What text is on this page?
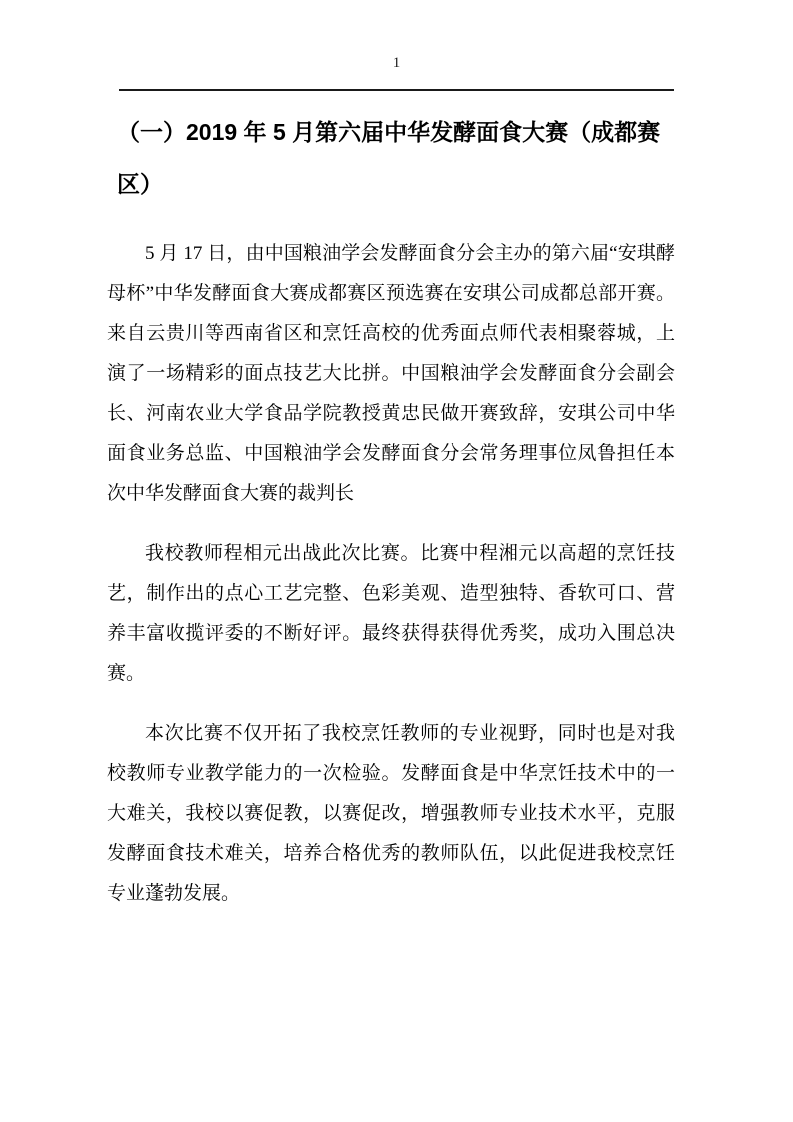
1
（一）2019 年 5 月第六届中华发酵面食大赛（成都赛区）

5 月 17 日，由中国粮油学会发酵面食分会主办的第六届“安琪酵母杯”中华发酵面食大赛成都赛区预选赛在安琪公司成都总部开赛。来自云贵川等西南省区和烹饪高校的优秀面点师代表相聚蓉城，上演了一场精彩的面点技艺大比拼。中国粮油学会发酵面食分会副会长、河南农业大学食品学院教授黄忠民做开赛致辞，安琪公司中华面食业务总监、中国粮油学会发酵面食分会常务理事位凤鲁担任本次中华发酵面食大赛的裁判长

我校教师程相元出战此次比赛。比赛中程湘元以高超的烹饪技艺，制作出的点心工艺完整、色彩美观、造型独特、香软可口、营养丰富收揽评委的不断好评。最终获得获得优秀奖，成功入围总决赛。

本次比赛不仅开拓了我校烹饪教师的专业视野，同时也是对我校教师专业教学能力的一次检验。发酵面食是中华烹饪技术中的一大难关，我校以赛促教，以赛促改，增强教师专业技术水平，克服发酵面食技术难关，培养合格优秀的教师队伍，以此促进我校烹饪专业蓬勃发展。
